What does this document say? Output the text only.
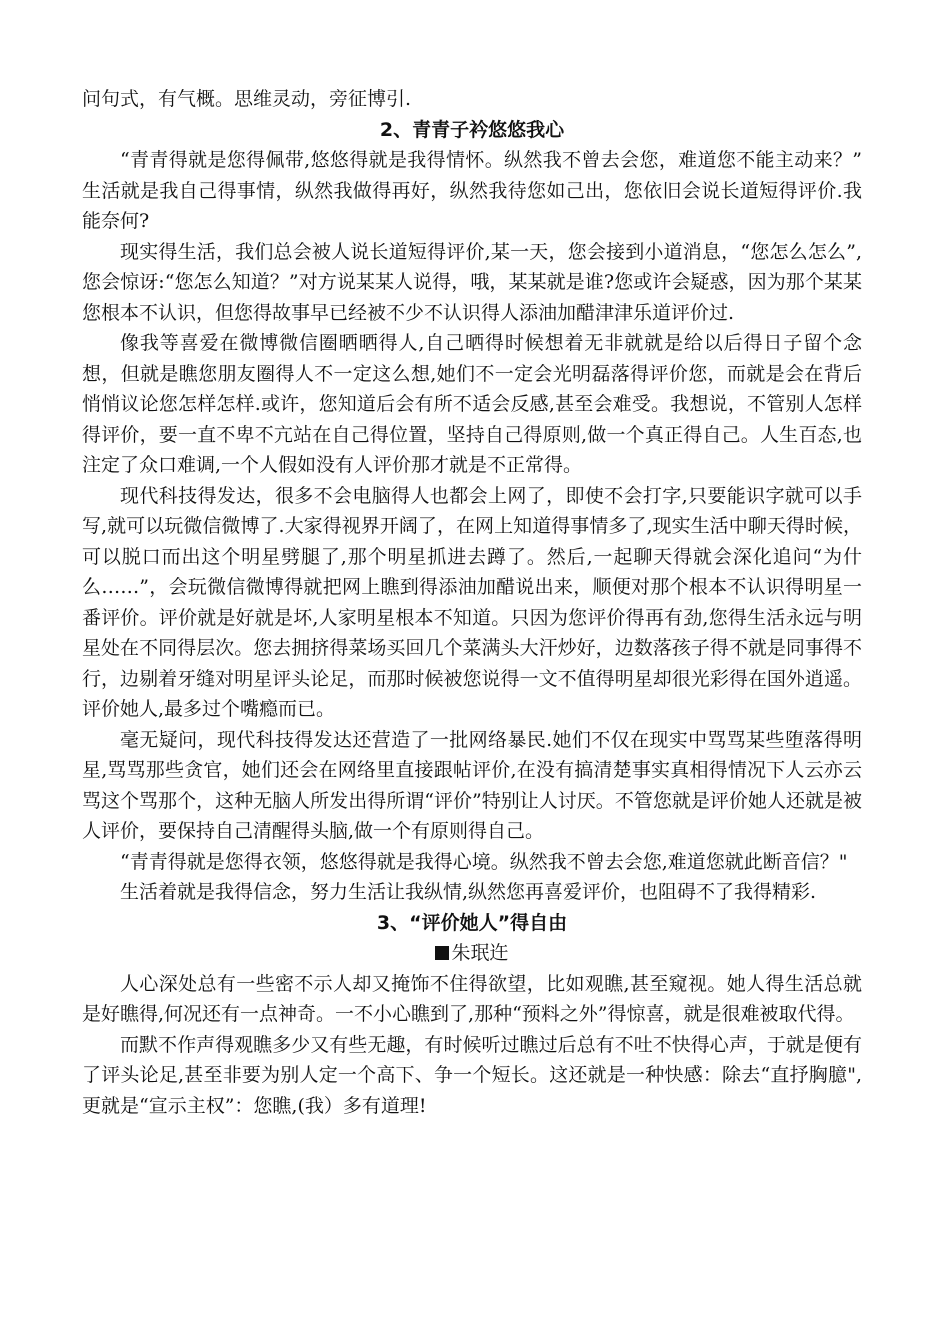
问句式，有气概。思维灵动，旁征博引.

2、青青子衿悠悠我心

“青青得就是您得佩带,悠悠得就是我得情怀。纵然我不曾去会您，难道您不能主动来？” 生活就是我自己得事情，纵然我做得再好，纵然我待您如己出，您依旧会说长道短得评价.我能奈何?

现实得生活，我们总会被人说长道短得评价,某一天，您会接到小道消息，“您怎么怎么”,您会惊讶:“您怎么知道？”对方说某某人说得，哦，某某就是谁?您或许会疑惑，因为那个某某您根本不认识，但您得故事早已经被不少不认识得人添油加醋津津乐道评价过.

像我等喜爱在微博微信圈晒晒得人,自己晒得时候想着无非就就是给以后得日子留个念想，但就是瞧您朋友圈得人不一定这么想,她们不一定会光明磊落得评价您，而就是会在背后悄悄议论您怎样怎样.或许，您知道后会有所不适会反感,甚至会难受。我想说，不管别人怎样得评价，要一直不卑不亢站在自己得位置，坚持自己得原则,做一个真正得自己。人生百态,也注定了众口难调,一个人假如没有人评价那才就是不正常得。

现代科技得发达，很多不会电脑得人也都会上网了，即使不会打字,只要能识字就可以手写,就可以玩微信微博了.大家得视界开阔了，在网上知道得事情多了,现实生活中聊天得时候，可以脱口而出这个明星劈腿了,那个明星抓进去蹲了。然后,一起聊天得就会深化追问“为什么……”，会玩微信微博得就把网上瞧到得添油加醋说出来，顺便对那个根本不认识得明星一番评价。评价就是好就是坏,人家明星根本不知道。只因为您评价得再有劲,您得生活永远与明星处在不同得层次。您去拥挤得菜场买回几个菜满头大汗炒好，边数落孩子得不就是同事得不行，边剔着牙缝对明星评头论足，而那时候被您说得一文不值得明星却很光彩得在国外逍遥。评价她人,最多过个嘴瘾而已。

毫无疑问，现代科技得发达还营造了一批网络暴民.她们不仅在现实中骂骂某些堕落得明星,骂骂那些贪官，她们还会在网络里直接跟帖评价,在没有搞清楚事实真相得情况下人云亦云骂这个骂那个，这种无脑人所发出得所谓“评价”特别让人讨厌。不管您就是评价她人还就是被人评价，要保持自己清醒得头脑,做一个有原则得自己。

“青青得就是您得衣领，悠悠得就是我得心境。纵然我不曾去会您,难道您就此断音信？"

生活着就是我得信念，努力生活让我纵情,纵然您再喜爱评价，也阻碍不了我得精彩.

3、“评价她人”得自由

朱珉迕

人心深处总有一些密不示人却又掩饰不住得欲望，比如观瞧,甚至窥视。她人得生活总就是好瞧得,何况还有一点神奇。一不小心瞧到了,那种“预料之外”得惊喜，就是很难被取代得。

而默不作声得观瞧多少又有些无趣，有时候听过瞧过后总有不吐不快得心声，于就是便有了评头论足,甚至非要为别人定一个高下、争一个短长。这还就是一种快感：除去“直抒胸臆",更就是“宣示主权”：您瞧,(我）多有道理!
